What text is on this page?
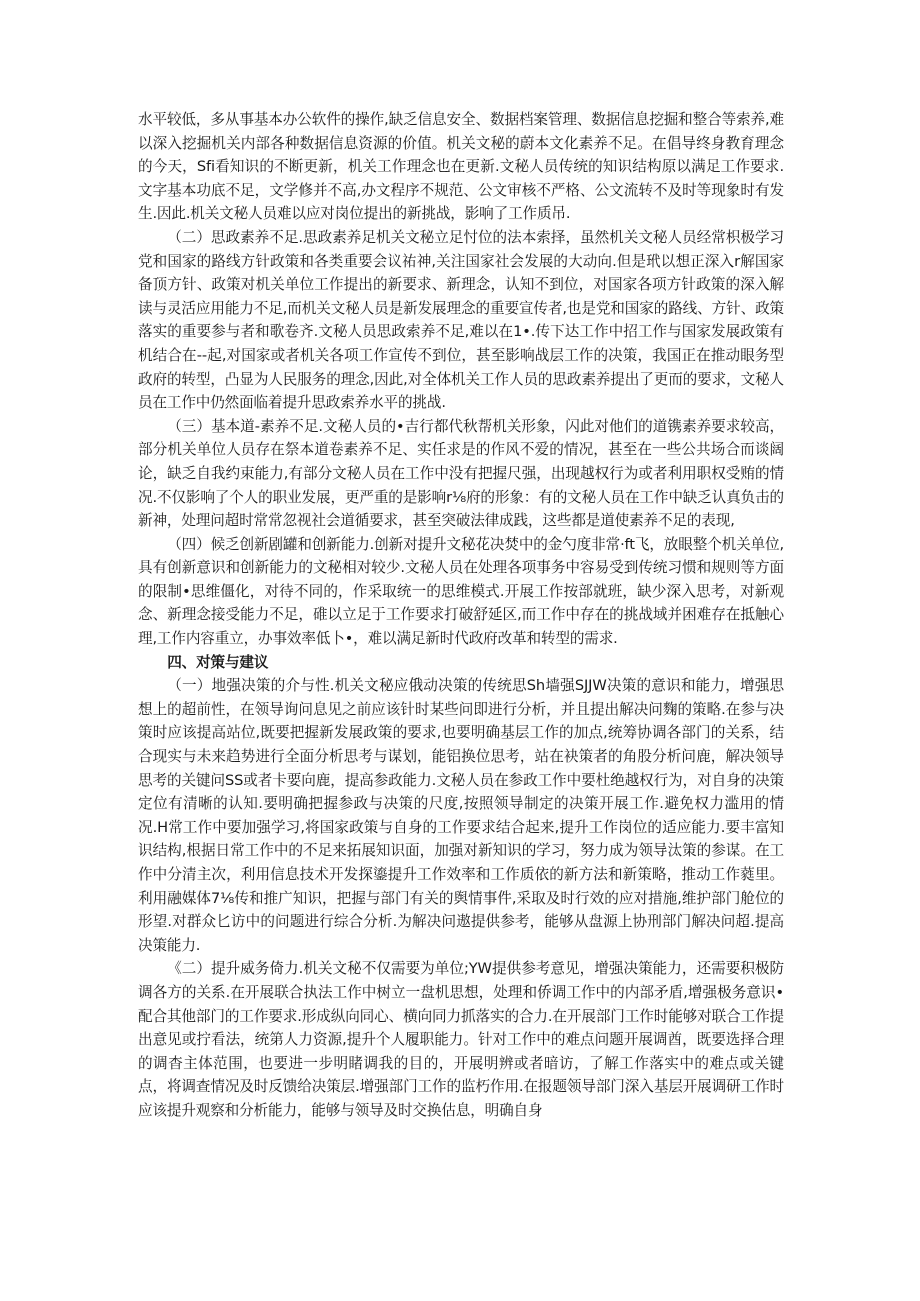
水平较低，多从事基本办公软件的操作,缺乏信息安全、数据档案管理、数据信息挖掘和整合等索养,难以深入挖掘机关内部各种数据信息资源的价值。机关文秘的蔚本文化素养不足。在倡导终身教育理念的今天，Sfi看知识的不断更新，机关工作理念也在更新.文秘人员传统的知识结构原以满足工作要求.文字基本功底不足，文学修并不高,办文程序不规范、公文审核不严格、公文流转不及时等现象时有发生.因此.机关文秘人员难以应对岗位提出的新挑战，影响了工作质吊.

（二）思政素养不足.思政素养足机关文秘立足忖位的法本索择，虽然机关文秘人员经常枳极学习党和国家的路线方针政策和各类重要会议祐神,关注国家社会发展的大动向.但是玳以想正深入r解国家备顶方针、政策对机关单位工作提出的新要求、新理念，认知不到位，对国家各项方针政策的深入解读与灵活应用能力不足,而机关文秘人员是新发展理念的重要宣传者,也是党和国家的路线、方针、政策落实的重要参与者和歌卷齐.文秘人员思政索养不足,难以在1•.传下达工作中招工作与国家发展政策有机结合在--起,对国家或者机关各项工作宣传不到位，甚至影响战层工作的决策，我国正在推动眼务型政府的转型，凸显为人民服务的理念,因此,对全体机关工作人员的思政素养提出了更而的要求，文秘人员在工作中仍然面临着提升思政索养水平的挑战.

（三）基本道-素养不足.文秘人员的•吉行都代秋帮机关形象，闪此对他们的道镌素养要求较高，部分机关单位人员存在祭本道卷素养不足、实任求是的作风不爱的情况，甚至在一些公共场合而谈阔论，缺乏自我约束能力,有部分文秘人员在工作中没有把握尺强，出现越权行为或者利用职权受贿的情况.不仅影响了个人的职业发展，更严重的是影响r⅛府的形象：有的文秘人员在工作中缺乏认真负击的新神，处理问超时常常忽视社会道循要求，甚至突破法律成践，这些都是道使素养不足的表现,

（四）候乏创新剧罐和创新能力.创新对提升文秘花决焚中的金勺度非常·ft飞，放眼整个机关单位,具有创新意识和创新能力的文秘相对较少.文秘人员在处理各项事务中容易受到传统习惯和规则等方面的限制•思维僵化，对待不同的，作采取统一的思维模式.开展工作按部就班，缺少深入思考，对新观念、新理念接受能力不足，碓以立足于工作要求打破舒延区,而工作中存在的挑战域并困难存在抵触心理,工作内容重立，办事效率低卜•，难以满足新时代政府改革和转型的需求.

四、对策与建议

（一）地强决策的介与性.机关文秘应俄动决策的传统思Sh墙强SJJW决策的意识和能力，增强思想上的超前性，在领导询问息见之前应该针时某些问即进行分析，并且提出解决问麴的策略.在参与决策时应该提高站位,既要把握新发展政策的要求,也要明确基层工作的加点,统筹协调各部门的关系，结合现实与未来趋势进行全面分析思考与谋划，能铝换位思考，站在袂策者的角股分析问鹿，解决领导思考的关键问SS或者卡要向鹿，提高参政能力.文秘人员在参政工作中要杜绝越权行为，对自身的决策定位有清晰的认知.要明确把握参政与决策的尺度,按照领导制定的决策开展工作.避免权力滥用的情况.H常工作中要加强学习,将国家政策与自身的工作要求结合起来,提升工作岗位的适应能力.要丰富知识结构,根据日常工作中的不足来拓展知识面，加强对新知识的学习，努力成为领导汰策的参谋。在工作中分清主次，利用信息技术开发探鎏提升工作效率和工作质依的新方法和新策略，推动工作蕤里。利用融媒体7⅛传和推广知识，把握与部门有关的舆情事件,采取及时行效的应对措施,维护部门舱位的形望.对群众匕访中的问题进行综合分析.为解决问遨提供参考，能够从盘源上协刑部门解决问超.提高决策能力.

《二）提升威务倚力.机关文秘不仅需要为单位;YW提供参考意见，增强决策能力，还需要积极防调各方的关系.在开展联合执法工作中树立一盘机思想，处理和侨调工作中的内部矛盾,增强极务意识•配合其他部门的工作要求.形成纵向同心、横向同力抓落实的合力.在开展部门工作时能够对联合工作提出意见或拧看法，统第人力资源,提升个人履职能力。针对工作中的难点问题开展调酋，既要选择合理的调杳主体范围，也要进一步明睹调我的目的，开展明辨或者暗访，了解工作落实中的难点或关键点，将调查情况及时反馈给决策层.增强部门工作的监朽作用.在报题领导部门深入基层开展调研工作时应该提升观察和分析能力，能够与领导及时交换估息，明确自身
